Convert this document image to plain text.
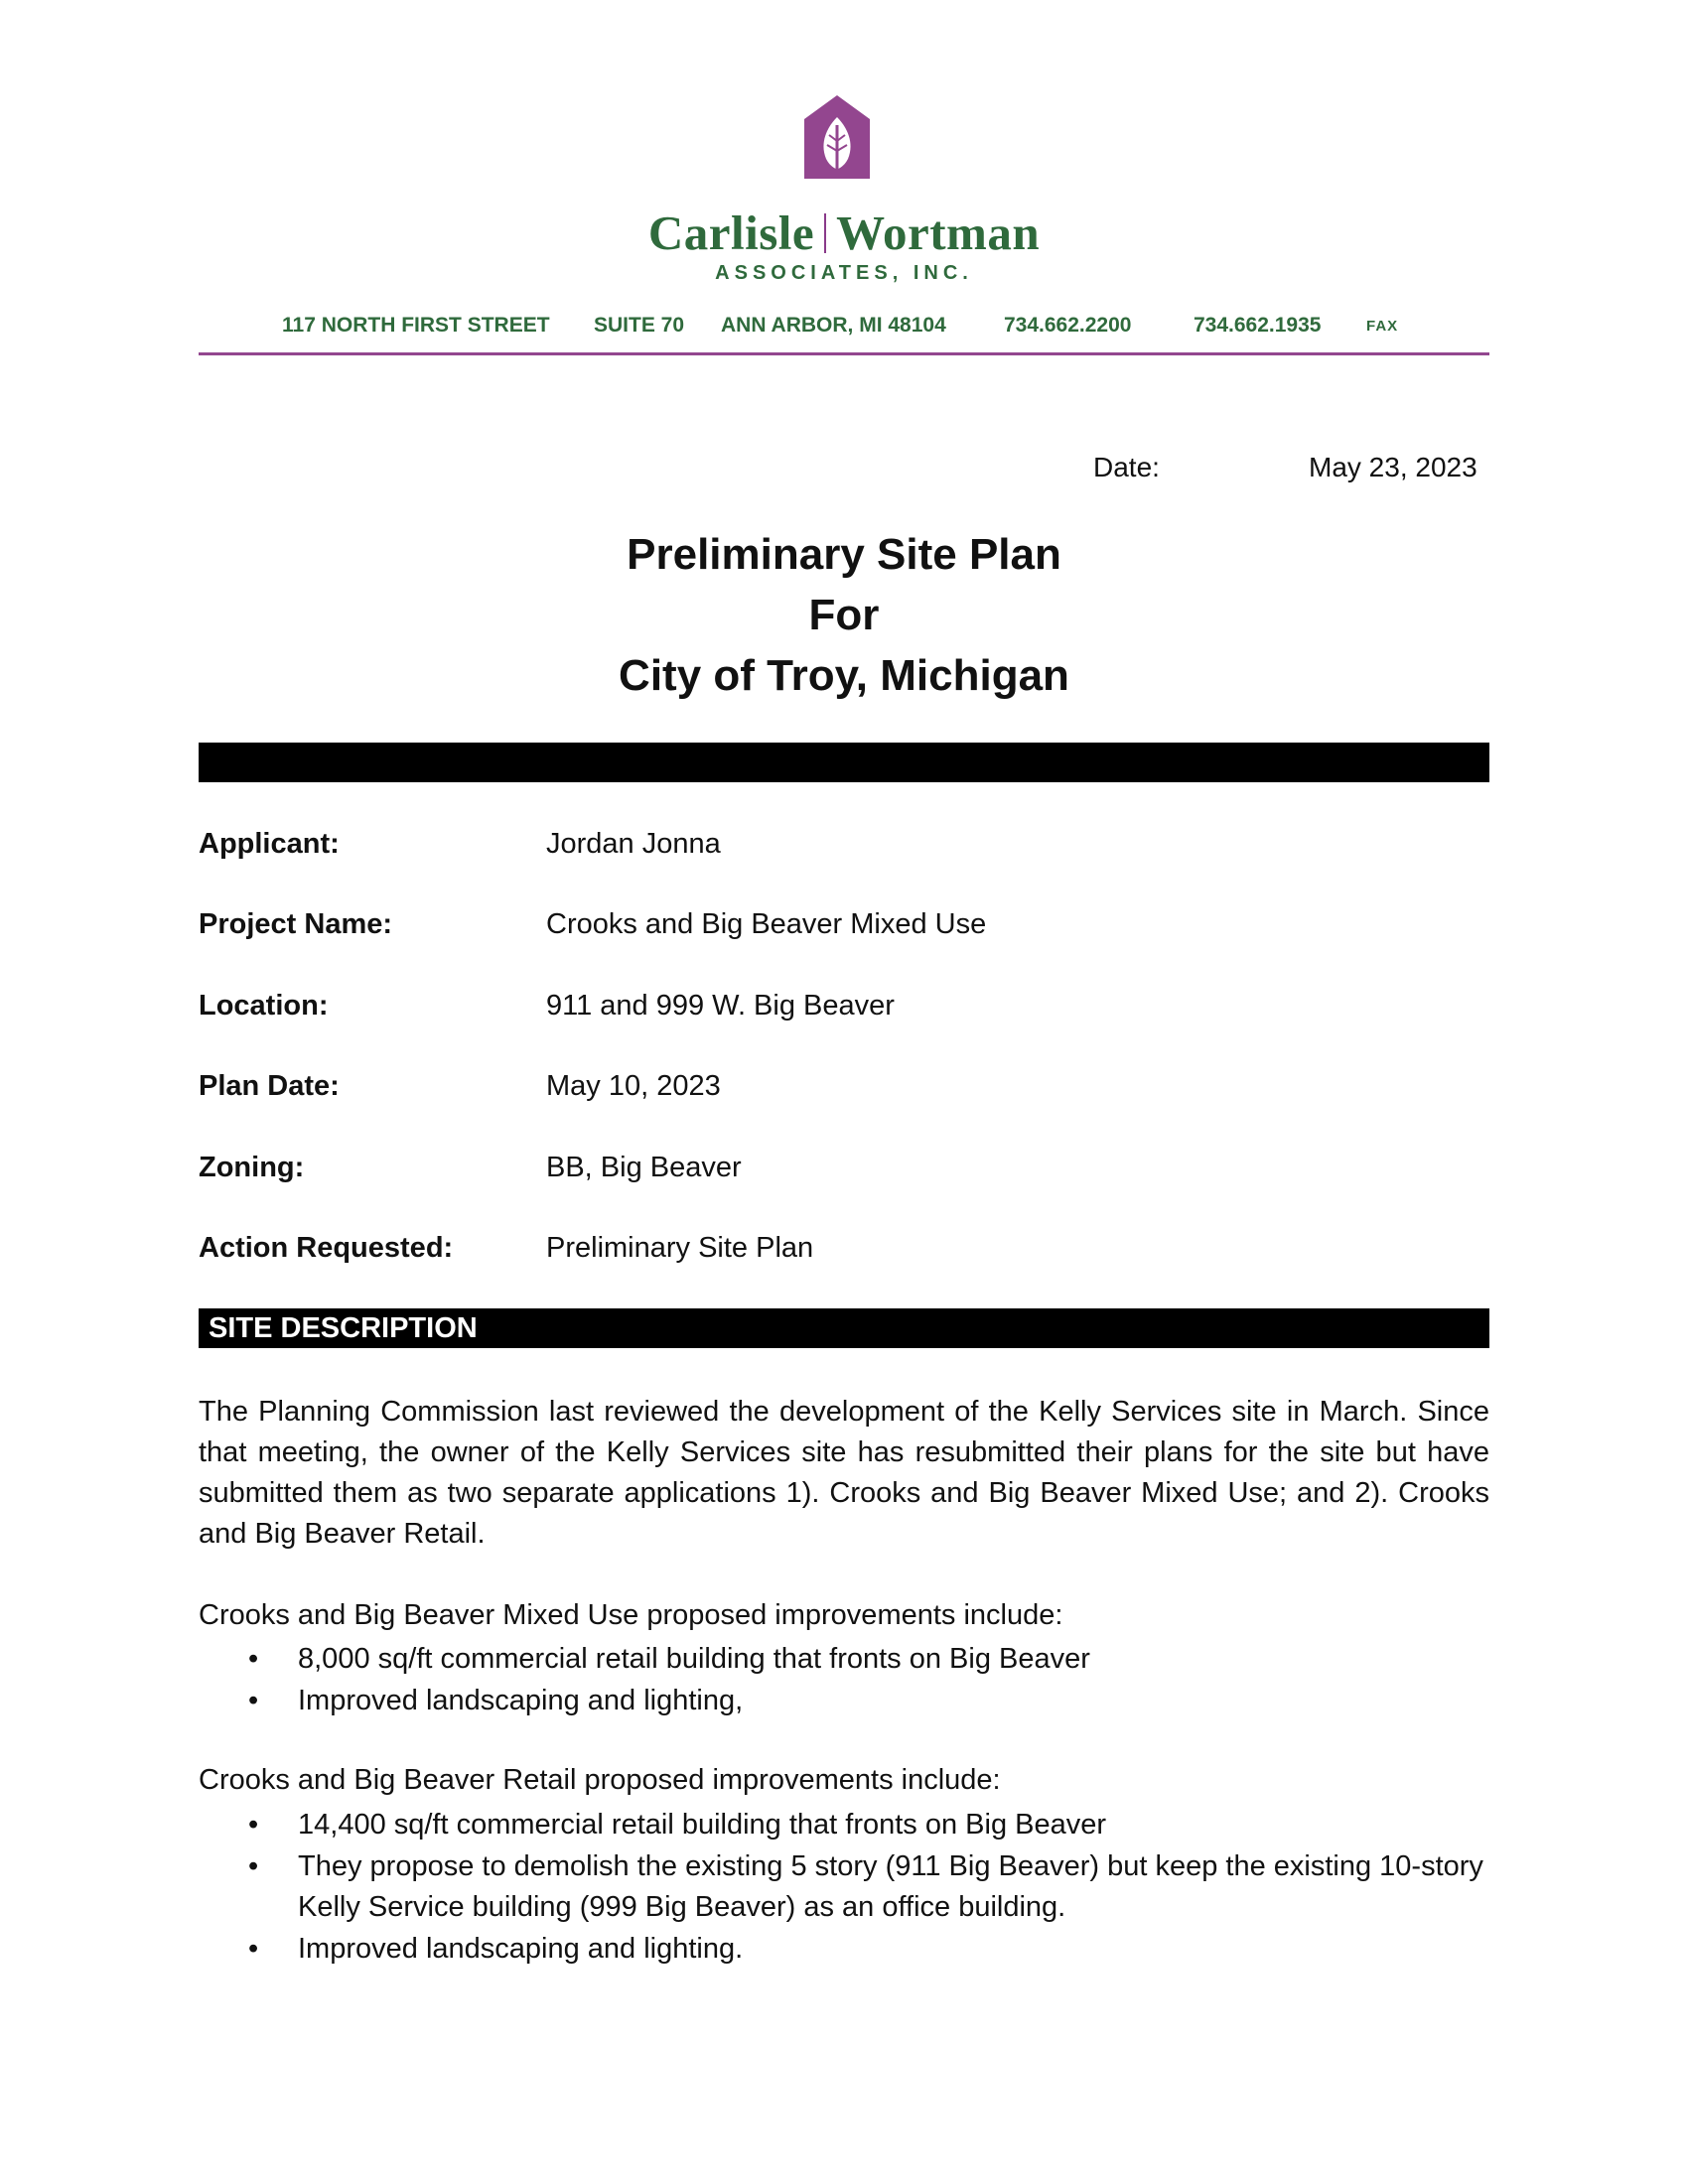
Carlisle Wortman
ASSOCIATES, INC.
117 NORTH FIRST STREET SUITE 70 ANN ARBOR, MI 48104	734.662.2200	734.662.1935	FAX
Date:	May 23, 2023
Preliminary Site Plan
For
City of Troy, Michigan
Applicant:	Jordan Jonna
Project Name:	Crooks and Big Beaver Mixed Use
Location:	911 and 999 W. Big Beaver
Plan Date:	May 10, 2023
Zoning:	BB, Big Beaver
Action Requested:	Preliminary Site Plan
SITE DESCRIPTION
The Planning Commission last reviewed the development of the Kelly Services site in March. Since that meeting, the owner of the Kelly Services site has resubmitted their plans for the site but have submitted them as two separate applications 1). Crooks and Big Beaver Mixed Use; and 2). Crooks and Big Beaver Retail.
Crooks and Big Beaver Mixed Use proposed improvements include:
• 8,000 sq/ft commercial retail building that fronts on Big Beaver
• Improved landscaping and lighting,
Crooks and Big Beaver Retail proposed improvements include:
• 14,400 sq/ft commercial retail building that fronts on Big Beaver
• They propose to demolish the existing 5 story (911 Big Beaver) but keep the existing 10-story Kelly Service building (999 Big Beaver) as an office building.
• Improved landscaping and lighting.
